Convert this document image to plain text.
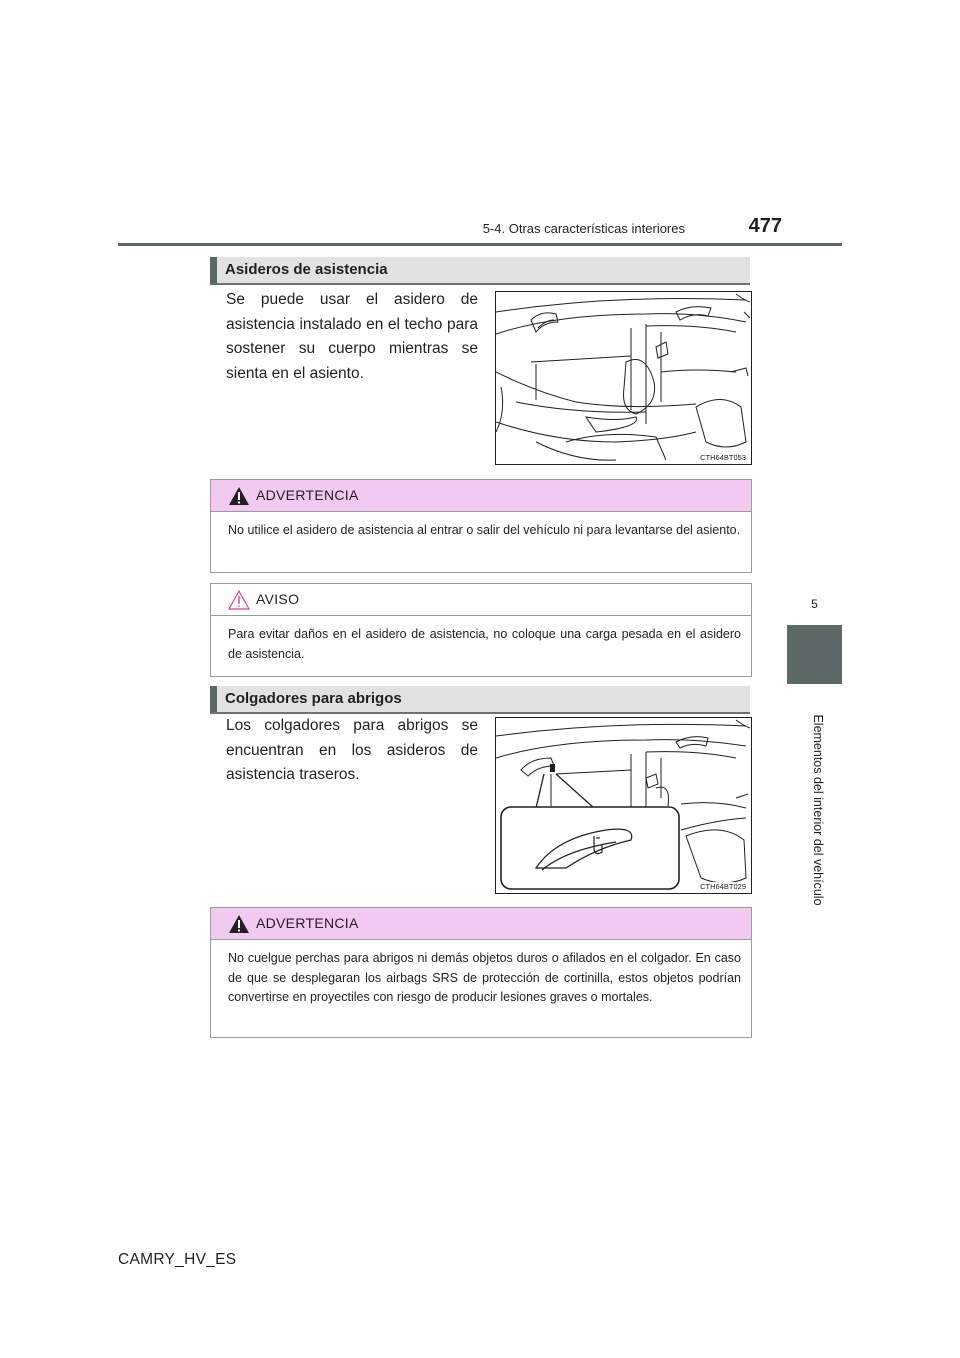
5-4. Otras características interiores	477
5
Elementos del interior del vehículo
Asideros de asistencia
Se puede usar el asidero de asistencia instalado en el techo para sostener su cuerpo mientras se sienta en el asiento.
CTH64BT053
ADVERTENCIA
No utilice el asidero de asistencia al entrar o salir del vehículo ni para levantarse del asiento.
AVISO
Para evitar daños en el asidero de asistencia, no coloque una carga pesada en el asidero de asistencia.
Colgadores para abrigos
Los colgadores para abrigos se encuentran en los asideros de asistencia traseros.
CTH64BT029
ADVERTENCIA
No cuelgue perchas para abrigos ni demás objetos duros o afilados en el colgador. En caso de que se desplegaran los airbags SRS de protección de cortinilla, estos objetos podrían convertirse en proyectiles con riesgo de producir lesiones graves o mortales.
CAMRY_HV_ES
